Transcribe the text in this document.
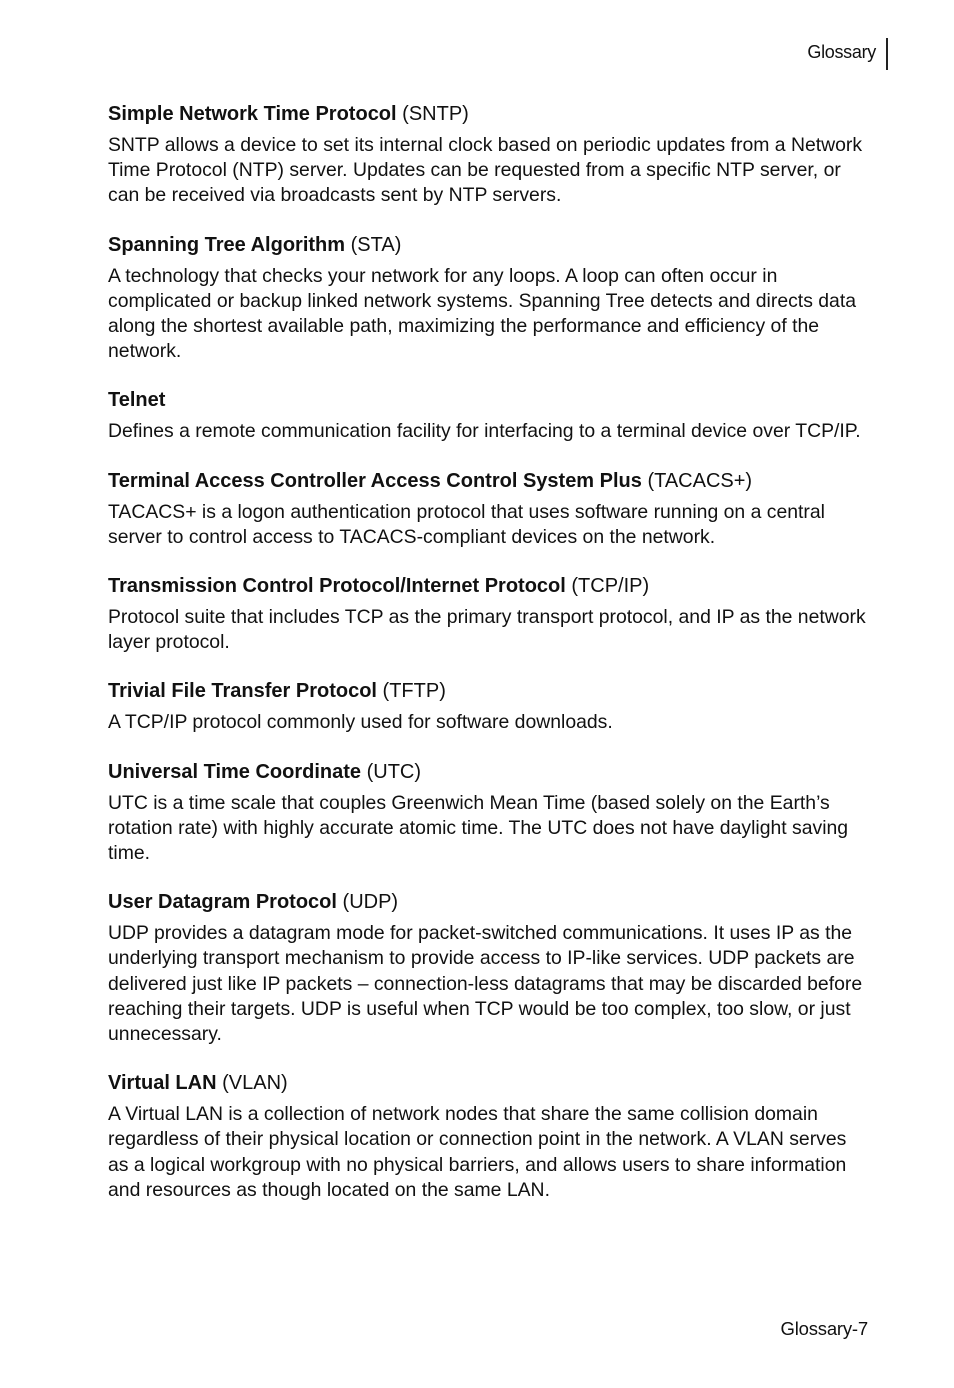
Glossary
Simple Network Time Protocol (SNTP)

SNTP allows a device to set its internal clock based on periodic updates from a Network Time Protocol (NTP) server. Updates can be requested from a specific NTP server, or can be received via broadcasts sent by NTP servers.

Spanning Tree Algorithm (STA)

A technology that checks your network for any loops. A loop can often occur in complicated or backup linked network systems. Spanning Tree detects and directs data along the shortest available path, maximizing the performance and efficiency of the network.

Telnet

Defines a remote communication facility for interfacing to a terminal device over TCP/IP.

Terminal Access Controller Access Control System Plus (TACACS+)

TACACS+ is a logon authentication protocol that uses software running on a central server to control access to TACACS-compliant devices on the network.

Transmission Control Protocol/Internet Protocol (TCP/IP)

Protocol suite that includes TCP as the primary transport protocol, and IP as the network layer protocol.

Trivial File Transfer Protocol (TFTP)

A TCP/IP protocol commonly used for software downloads.

Universal Time Coordinate (UTC)

UTC is a time scale that couples Greenwich Mean Time (based solely on the Earth’s rotation rate) with highly accurate atomic time. The UTC does not have daylight saving time.

User Datagram Protocol (UDP)

UDP provides a datagram mode for packet-switched communications. It uses IP as the underlying transport mechanism to provide access to IP-like services. UDP packets are delivered just like IP packets – connection-less datagrams that may be discarded before reaching their targets. UDP is useful when TCP would be too complex, too slow, or just unnecessary.

Virtual LAN (VLAN)

A Virtual LAN is a collection of network nodes that share the same collision domain regardless of their physical location or connection point in the network. A VLAN serves as a logical workgroup with no physical barriers, and allows users to share information and resources as though located on the same LAN.

Glossary-7
